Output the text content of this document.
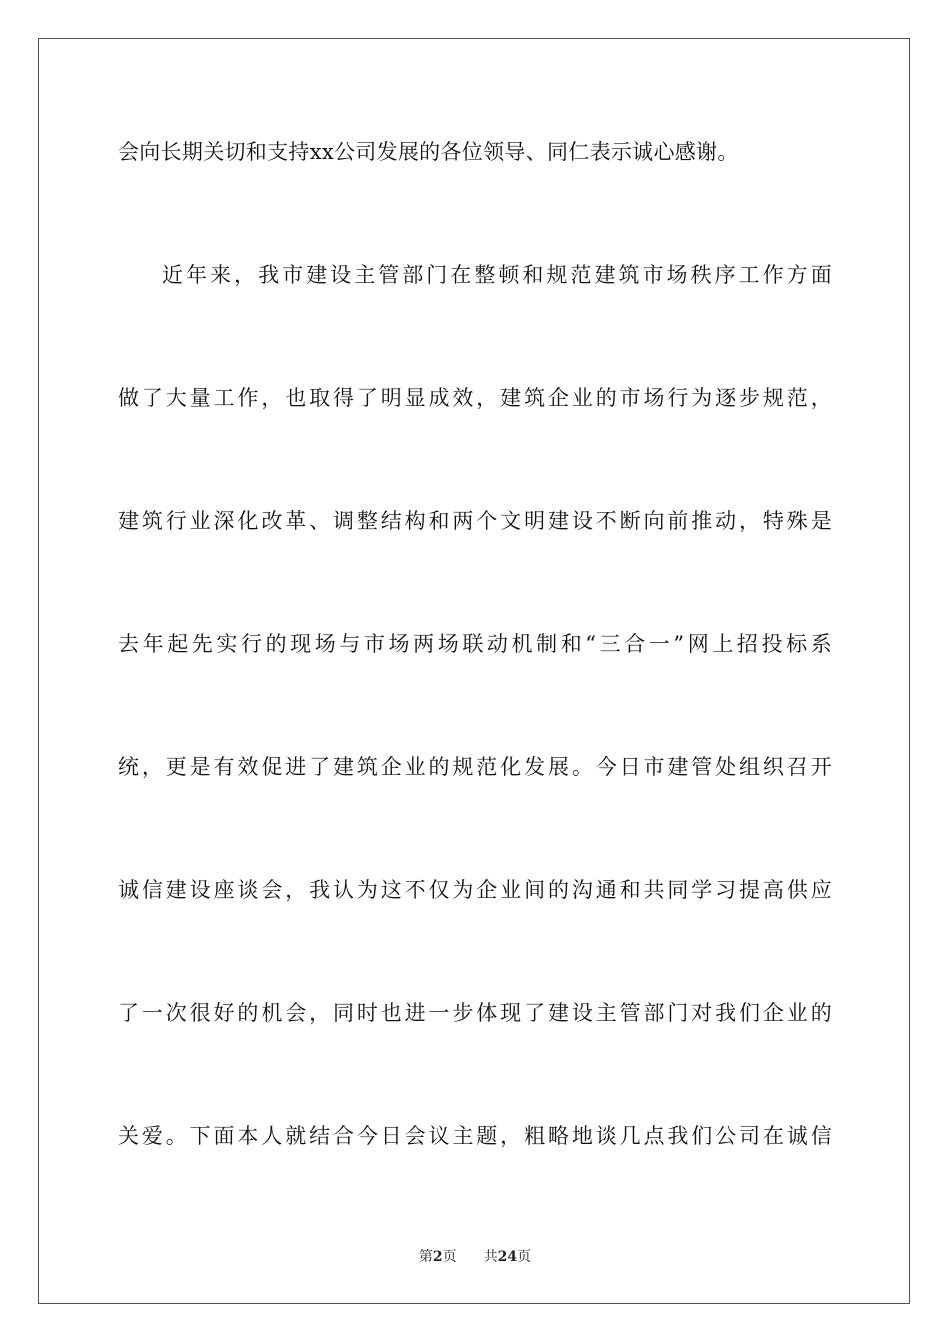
会向长期关切和支持xx公司发展的各位领导、同仁表示诚心感谢。
近年来，我市建设主管部门在整顿和规范建筑市场秩序工作方面
做了大量工作，也取得了明显成效，建筑企业的市场行为逐步规范，
建筑行业深化改革、调整结构和两个文明建设不断向前推动，特殊是
去年起先实行的现场与市场两场联动机制和“三合一”网上招投标系
统，更是有效促进了建筑企业的规范化发展。今日市建管处组织召开
诚信建设座谈会，我认为这不仅为企业间的沟通和共同学习提高供应
了一次很好的机会，同时也进一步体现了建设主管部门对我们企业的
关爱。下面本人就结合今日会议主题，粗略地谈几点我们公司在诚信
第2页 共24页
